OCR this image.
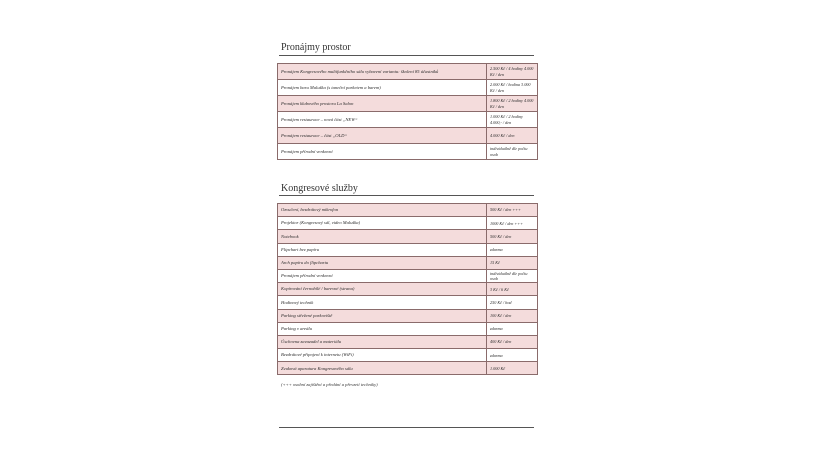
Pronájmy prostor
Pronájem Kongresového multifunkčního sálu vybavení variantu: školení 85 účastníků	2.500 Kč / 4 hodiny 4.000 Kč / den
Pronájem baru Maluška (s taneční parketem a barem)	2.000 Kč / hodina 3.000 Kč / den
Pronájem klubového prostoru La Salon	1.800 Kč / 2 hodiny 4.000 Kč / den
Pronájem restaurace – nová část „NEW“	1.000 Kč / 2 hodiny 4.000,- / den
Pronájem restaurace – část „OLD“	4.000 Kč / den
Pronájem přírodní venkovní	individuálně dle počtu osob
Kongresové služby
Ozvučení, bezdrátový mikrofon	500 Kč / den +++
Projektor (Kongresový sál, video Maluška)	1000 Kč / den +++
Notebook	500 Kč / den
Flipchart bez papíru	zdarma
Arch papíru do flipchartu	15 Kč
Pronájem přírodní venkovní	individuálně dle počtu osob
Kopírování černobílé / barevné (strana)	3 Kč / 6 Kč
Hodinový technik	250 Kč / hod
Parking střežené parkoviště	100 Kč / den
Parking v areálu	zdarma
Úschovna zavazadel a materiálu	400 Kč / den
Bezdrátové připojení k internetu (WiFi)	zdarma
Zvuková aparatura Kongresového sálu	1.000 Kč
(+++ osobní zajištění a předání a převzetí techniky)
